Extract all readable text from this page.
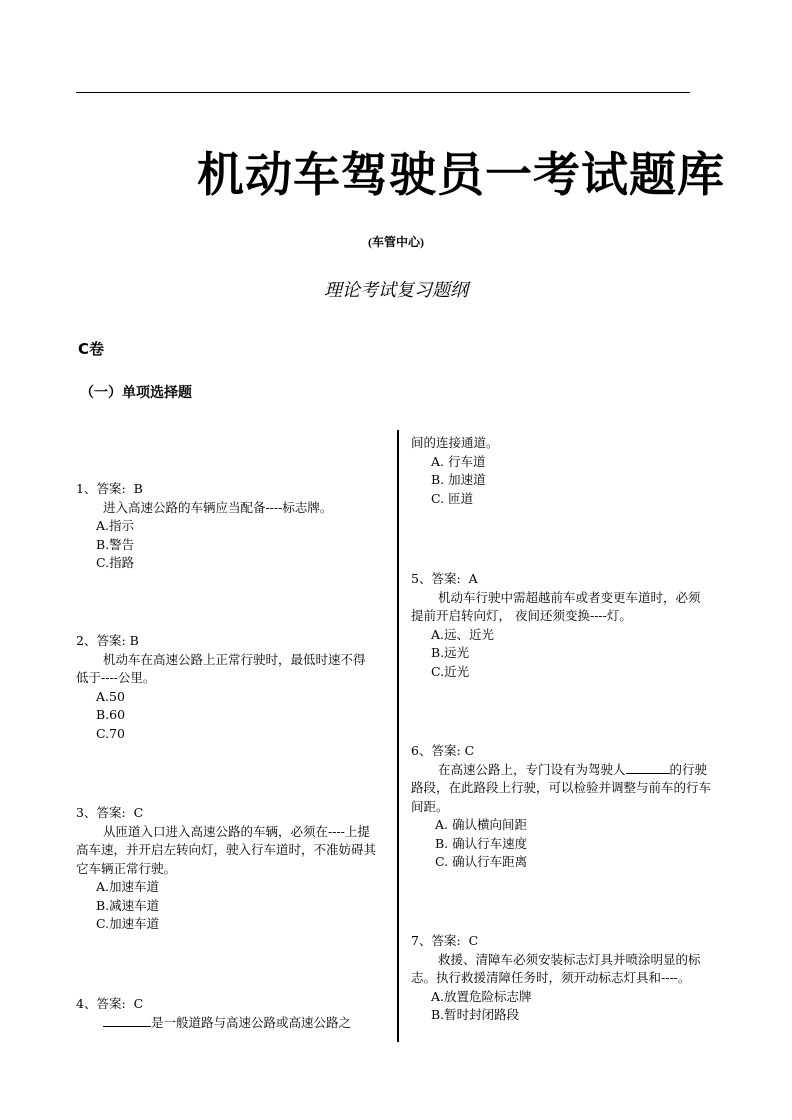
机动车驾驶员一考试题库
(车管中心)
理论考试复习题纲
C卷
（一）单项选择题
1、答案:  B
进入高速公路的车辆应当配备----标志牌。
A.指示
B.警告
C.指路
2、答案: B
机动车在高速公路上正常行驶时，最低时速不得低于----公里。
A.50
B.60
C.70
3、答案:  C
从匝道入口进入高速公路的车辆，必须在----上提高车速，并开启左转向灯，驶入行车道时，不准妨碍其它车辆正常行驶。
A.加速车道
B.减速车道
C.加速车道
4、答案:  C
是一般道路与高速公路或高速公路之
间的连接通道。
A. 行车道
B. 加速道
C. 匝道
5、答案:  A
机动车行驶中需超越前车或者变更车道时，必须提前开启转向灯， 夜间还须变换----灯。
A.远、近光
B.远光
C.近光
6、答案: C
在高速公路上，专门设有为驾驶人	的行驶路段，在此路段上行驶，可以检验并调整与前车的行车间距。
A. 确认横向间距
B. 确认行车速度
C. 确认行车距离
7、答案:  C
救援、清障车必须安装标志灯具并喷涂明显的标志。执行救援清障任务时，须开动标志灯具和----。
A.放置危险标志牌
B.暂时封闭路段
